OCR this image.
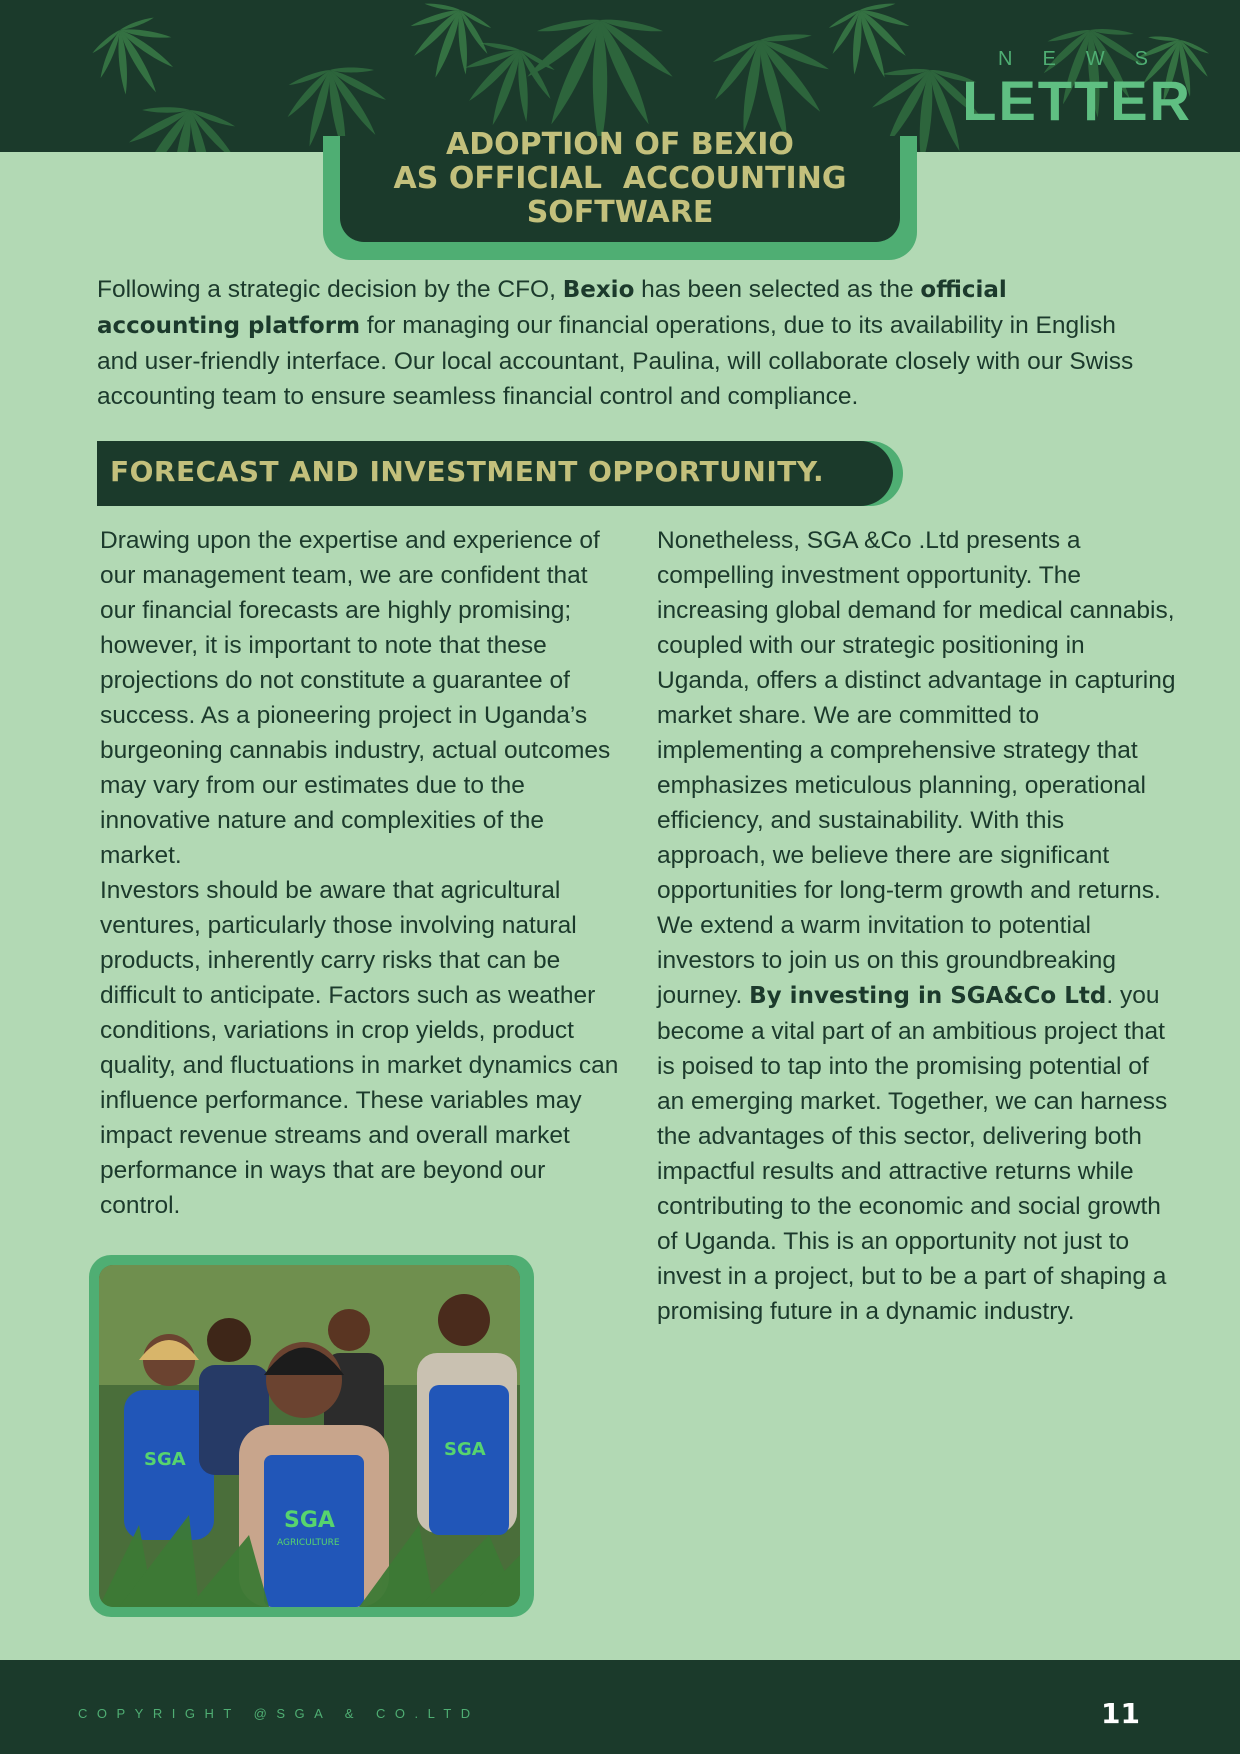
NEWS
LETTER
ADOPTION OF BEXIO
AS OFFICIAL  ACCOUNTING
SOFTWARE

Following a strategic decision by the CFO, Bexio has been selected as the official accounting platform for managing our financial operations, due to its availability in English and user-friendly interface. Our local accountant, Paulina, will collaborate closely with our Swiss accounting team to ensure seamless financial control and compliance.

FORECAST AND INVESTMENT OPPORTUNITY.

Drawing upon the expertise and experience of our management team, we are confident that our financial forecasts are highly promising; however, it is important to note that these projections do not constitute a guarantee of success. As a pioneering project in Uganda’s burgeoning cannabis industry, actual outcomes may vary from our estimates due to the innovative nature and complexities of the market.

Investors should be aware that agricultural ventures, particularly those involving natural products, inherently carry risks that can be difficult to anticipate. Factors such as weather conditions, variations in crop yields, product quality, and fluctuations in market dynamics can influence performance. These variables may impact revenue streams and overall market performance in ways that are beyond our control.

Nonetheless, SGA &Co .Ltd presents a compelling investment opportunity. The increasing global demand for medical cannabis, coupled with our strategic positioning in Uganda, offers a distinct advantage in capturing market share. We are committed to implementing a comprehensive strategy that emphasizes meticulous planning, operational efficiency, and sustainability. With this approach, we believe there are significant opportunities for long-term growth and returns. We extend a warm invitation to potential investors to join us on this groundbreaking journey. By investing in SGA&Co Ltd. you become a vital part of an ambitious project that is poised to tap into the promising potential of an emerging market. Together, we can harness the advantages of this sector, delivering both impactful results and attractive returns while contributing to the economic and social growth of Uganda. This is an opportunity not just to invest in a project, but to be a part of shaping a promising future in a dynamic industry.

SGA	SGA
SGA
AGRICULTURE
COPYRIGHT @SGA & CO.LTD	11
